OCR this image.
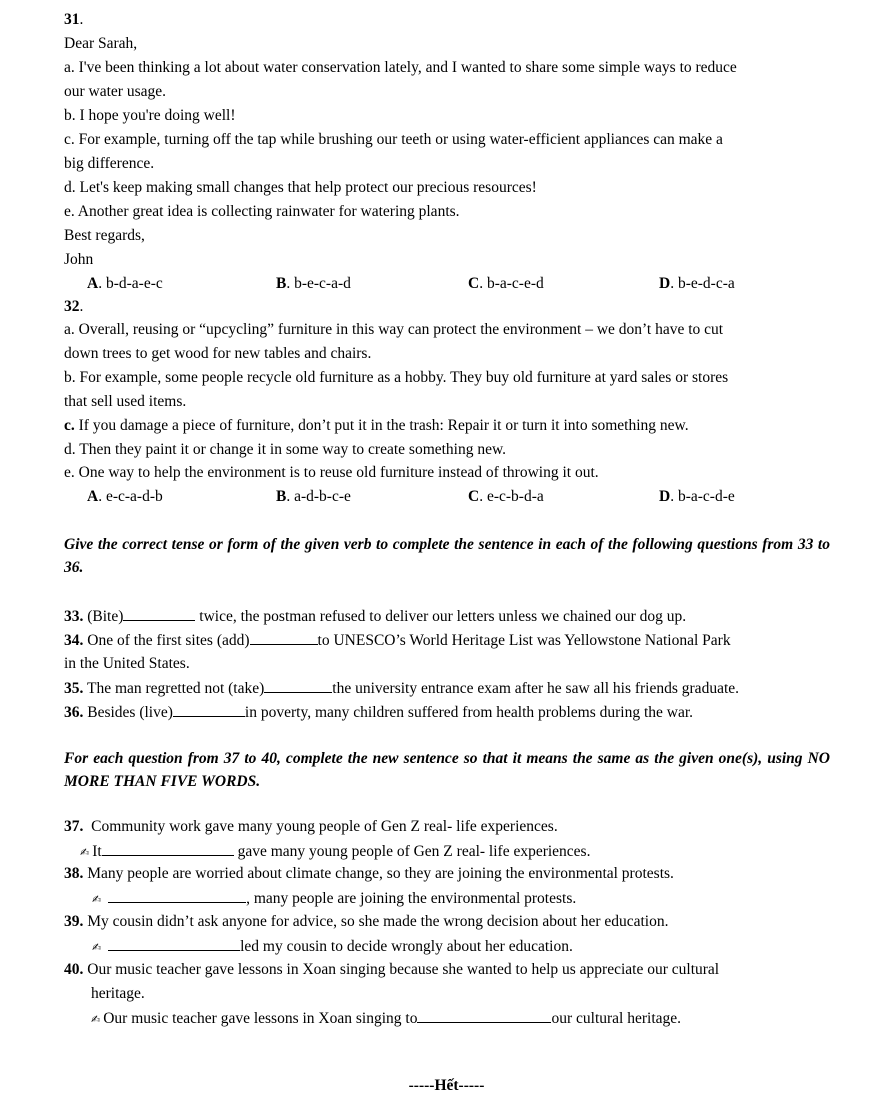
31.
Dear Sarah,
a. I've been thinking a lot about water conservation lately, and I wanted to share some simple ways to reduce
our water usage.
b. I hope you're doing well!
c. For example, turning off the tap while brushing our teeth or using water-efficient appliances can make a
big difference.
d. Let's keep making small changes that help protect our precious resources!
e. Another great idea is collecting rainwater for watering plants.
Best regards,
John
A. b-d-a-e-c	B. b-e-c-a-d	C. b-a-c-e-d	D. b-e-d-c-a
32.
a. Overall, reusing or “upcycling” furniture in this way can protect the environment – we don’t have to cut
down trees to get wood for new tables and chairs.
b. For example, some people recycle old furniture as a hobby. They buy old furniture at yard sales or stores
that sell used items.
c. If you damage a piece of furniture, don’t put it in the trash: Repair it or turn it into something new.
d. Then they paint it or change it in some way to create something new.
e. One way to help the environment is to reuse old furniture instead of throwing it out.
A. e-c-a-d-b	B. a-d-b-c-e	C. e-c-b-d-a	D. b-a-c-d-e
Give the correct tense or form of the given verb to complete the sentence in each of the following questions from 33 to 36.
33. (Bite)	twice, the postman refused to deliver our letters unless we chained our dog up.
34. One of the first sites (add)	to UNESCO’s World Heritage List was Yellowstone National Park
in the United States.
35. The man regretted not (take)	the university entrance exam after he saw all his friends graduate.
36. Besides (live)	in poverty, many children suffered from health problems during the war.
For each question from 37 to 40, complete the new sentence so that it means the same as the given one(s), using NO MORE THAN FIVE WORDS.
37. Community work gave many young people of Gen Z real- life experiences.
✍ It	gave many young people of Gen Z real- life experiences.
38. Many people are worried about climate change, so they are joining the environmental protests.
✍	, many people are joining the environmental protests.
39. My cousin didn’t ask anyone for advice, so she made the wrong decision about her education.
✍	led my cousin to decide wrongly about her education.
40. Our music teacher gave lessons in Xoan singing because she wanted to help us appreciate our cultural
heritage.
✍ Our music teacher gave lessons in Xoan singing to	our cultural heritage.
-----Hết-----
